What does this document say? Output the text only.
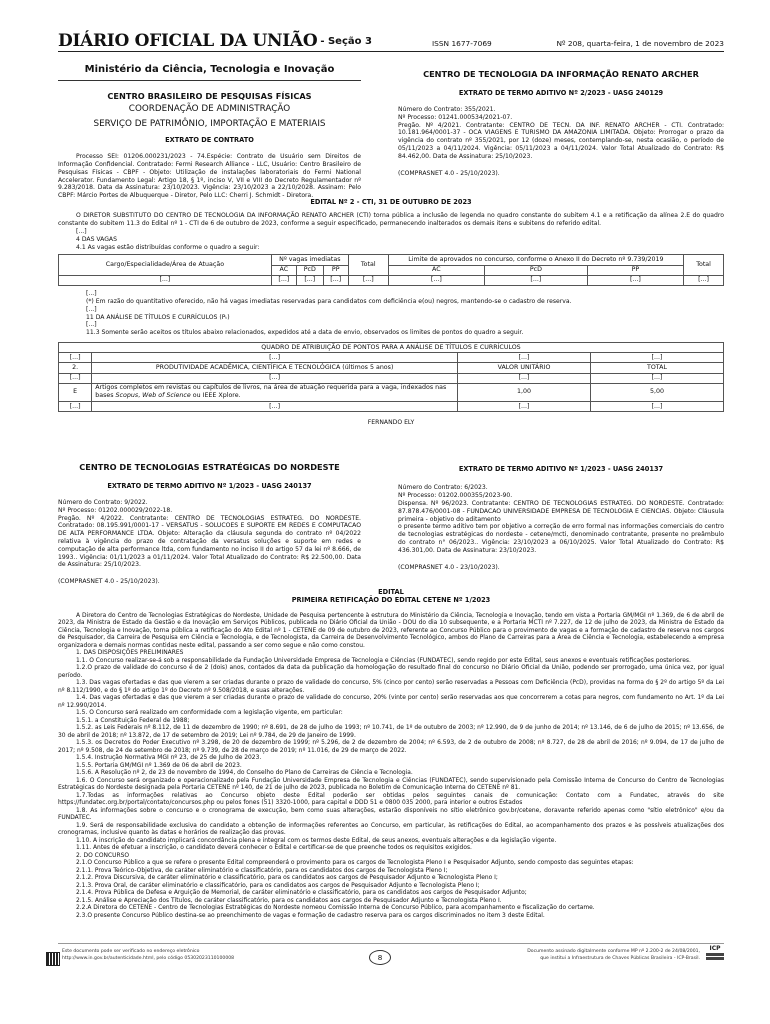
DIÁRIO OFICIAL DA UNIÃO - Seção 3	ISSN 1677-7069	Nº 208, quarta-feira, 1 de novembro de 2023
Ministério da Ciência, Tecnologia e Inovação
CENTRO BRASILEIRO DE PESQUISAS FÍSICAS
COORDENAÇÃO DE ADMINISTRAÇÃO
SERVIÇO DE PATRIMÔNIO, IMPORTAÇÃO E MATERIAIS
EXTRATO DE CONTRATO

Processo SEI: 01206.000231/2023 - 74.Espécie: Contrato de Usuário sem Direitos de Informação Confidencial. Contratado: Fermi Research Alliance - LLC, Usuário: Centro Brasileiro de Pesquisas Físicas - CBPF - Objeto: Utilização de instalações laboratoriais do Fermi National Accelerator. Fundamento Legal: Artigo 18, § 1º, inciso V, VII e VIII do Decreto Regulamentador nº 9.283/2018. Data da Assinatura: 23/10/2023. Vigência: 23/10/2023 a 22/10/2028. Assinam: Pelo CBPF: Márcio Portes de Albuquerque - Diretor, Pelo LLC: Cherri J. Schmidt - Diretora.

CENTRO DE TECNOLOGIA DA INFORMAÇÃO RENATO ARCHER
EXTRATO DE TERMO ADITIVO Nº 2/2023 - UASG 240129

Número do Contrato: 355/2021.

Nº Processo: 01241.000534/2021-07.

Pregão. Nº 4/2021. Contratante: CENTRO DE TECN. DA INF. RENATO ARCHER - CTI. Contratado: 10.181.964/0001-37 - OCA VIAGENS E TURISMO DA AMAZONIA LIMITADA. Objeto: Prorrogar o prazo da vigência do contrato nº 355/2021, por 12 (doze) meses, contemplando-se, nesta ocasião, o período de 05/11/2023 a 04/11/2024. Vigência: 05/11/2023 a 04/11/2024. Valor Total Atualizado do Contrato: R$ 84.462,00. Data de Assinatura: 25/10/2023.

(COMPRASNET 4.0 - 25/10/2023).

EDITAL Nº 2 - CTI, 31 DE OUTUBRO DE 2023

O DIRETOR SUBSTITUTO DO CENTRO DE TECNOLOGIA DA INFORMAÇÃO RENATO ARCHER (CTI) torna pública a inclusão de legenda no quadro constante do subitem 4.1 e a retificação da alínea 2.E do quadro constante do subitem 11.3 do Edital nº 1 - CTI de 6 de outubro de 2023, conforme a seguir especificado, permanecendo inalterados os demais itens e subitens do referido edital.

[...]

4 DAS VAGAS

4.1 As vagas estão distribuídas conforme o quadro a seguir:

Cargo/Especialidade/Área de Atuação	Nº vagas imediatas			Total	Limite de aprovados no concurso, conforme o Anexo II do Decreto nº 9.739/2019			Total
	AC	PcD	PP		AC	PcD	PP	
[...]	[...]	[...]	[...]	[...]	[...]	[...]	[...]	[...]

[...]

(*) Em razão do quantitativo oferecido, não há vagas imediatas reservadas para candidatos com deficiência e(ou) negros, mantendo-se o cadastro de reserva.

[...]

11 DA ANÁLISE DE TÍTULOS E CURRÍCULOS (Pₜ)

[...]

11.3 Somente serão aceitos os títulos abaixo relacionados, expedidos até a data de envio, observados os limites de pontos do quadro a seguir.

QUADRO DE ATRIBUIÇÃO DE PONTOS PARA A ANÁLISE DE TÍTULOS E CURRÍCULOS			
[...]	[...]	[...]	[...]
2.	PRODUTIVIDADE ACADÊMICA, CIENTÍFICA E TECNOLÓGICA (últimos 5 anos)	VALOR UNITÁRIO	TOTAL
[...]	[...]	[...]	[...]
E	Artigos completos em revistas ou capítulos de livros, na área de atuação requerida para a vaga, indexados nas bases Scopus, Web of Science ou IEEE Xplore.	1,00	5,00
[...]	[...]	[...]	[...]

FERNANDO ELY

CENTRO DE TECNOLOGIAS ESTRATÉGICAS DO NORDESTE
EXTRATO DE TERMO ADITIVO Nº 1/2023 - UASG 240137

Número do Contrato: 9/2022.

Nº Processo: 01202.000029/2022-18.

Pregão. Nº 4/2022. Contratante: CENTRO DE TECNOLOGIAS ESTRATEG. DO NORDESTE. Contratado: 08.195.991/0001-17 - VERSATUS - SOLUCOES E SUPORTE EM REDES E COMPUTACAO DE ALTA PERFORMANCE LTDA. Objeto: Alteração da cláusula segunda do contrato nº 04/2022 relativa à vigência do prazo de contratação da versatus soluções e suporte em redes e computação de alta performance ltda, com fundamento no inciso II do artigo 57 da lei nº 8.666, de 1993.. Vigência: 01/11/2023 a 01/11/2024. Valor Total Atualizado do Contrato: R$ 22.500,00. Data de Assinatura: 25/10/2023.

(COMPRASNET 4.0 - 25/10/2023).

EXTRATO DE TERMO ADITIVO Nº 1/2023 - UASG 240137

Número do Contrato: 6/2023.

Nº Processo: 01202.000355/2023-90.

Dispensa. Nº 96/2023. Contratante: CENTRO DE TECNOLOGIAS ESTRATEG. DO NORDESTE. Contratado: 87.878.476/0001-08 - FUNDACAO UNIVERSIDADE EMPRESA DE TECNOLOGIA E CIENCIAS. Objeto: Cláusula primeira - objetivo do aditamento

o presente termo aditivo tem por objetivo a correção de erro formal nas informações comerciais do centro de tecnologias estratégicas do nordeste - cetene/mcti, denominado contratante, presente no preâmbulo do contrato n° 06/2023.. Vigência: 23/10/2023 a 06/10/2025. Valor Total Atualizado do Contrato: R$ 436.301,00. Data de Assinatura: 23/10/2023.

(COMPRASNET 4.0 - 23/10/2023).

EDITAL
PRIMEIRA RETIFICAÇÃO DO EDITAL CETENE Nº 1/2023

A Diretora do Centro de Tecnologias Estratégicas do Nordeste, Unidade de Pesquisa pertencente à estrutura do Ministério da Ciência, Tecnologia e Inovação, tendo em vista a Portaria GM/MGI nº 1.369, de 6 de abril de 2023, da Ministra de Estado da Gestão e da Inovação em Serviços Públicos, publicada no Diário Oficial da União - DOU do dia 10 subsequente, e a Portaria MCTI nº 7.227, de 12 de julho de 2023, da Ministra de Estado da Ciência, Tecnologia e Inovação, torna pública a retificação do Ato Edital nº 1 - CETENE de 09 de outubro de 2023, referente ao Concurso Público para o provimento de vagas e a formação de cadastro de reserva nos cargos de Pesquisador, da Carreira de Pesquisa em Ciência e Tecnologia, e de Tecnologista, da Carreira de Desenvolvimento Tecnológico, ambos do Plano de Carreiras para a Área de Ciência e Tecnologia, estabelecendo a empresa organizadora e demais normas contidas neste edital, passando a ser como segue e não como constou.

1. DAS DISPOSIÇÕES PRELIMINARES

1.1. O Concurso realizar-se-á sob a responsabilidade da Fundação Universidade Empresa de Tecnologia e Ciências (FUNDATEC), sendo regido por este Edital, seus anexos e eventuais retificações posteriores.

1.2.O prazo de validade do concurso é de 2 (dois) anos, contados da data da publicação da homologação do resultado final do concurso no Diário Oficial da União, podendo ser prorrogado, uma única vez, por igual período.

1.3. Das vagas ofertadas e das que vierem a ser criadas durante o prazo de validade do concurso, 5% (cinco por cento) serão reservadas a Pessoas com Deficiência (PcD), providas na forma do § 2º do artigo 5º da Lei nº 8.112/1990, e do § 1º do artigo 1º do Decreto nº 9.508/2018, e suas alterações.

1.4. Das vagas ofertadas e das que vierem a ser criadas durante o prazo de validade do concurso, 20% (vinte por cento) serão reservadas aos que concorrerem a cotas para negros, com fundamento no Art. 1º da Lei nº 12.990/2014.

1.5. O Concurso será realizado em conformidade com a legislação vigente, em particular:

1.5.1. a Constituição Federal de 1988;

1.5.2. as Leis Federais nº 8.112, de 11 de dezembro de 1990; nº 8.691, de 28 de julho de 1993; nº 10.741, de 1º de outubro de 2003; nº 12.990, de 9 de junho de 2014; nº 13.146, de 6 de julho de 2015; nº 13.656, de 30 de abril de 2018; nº 13.872, de 17 de setembro de 2019; Lei nº 9.784, de 29 de Janeiro de 1999.

1.5.3. os Decretos do Poder Executivo nº 3.298, de 20 de dezembro de 1999; nº 5.296, de 2 de dezembro de 2004; nº 6.593, de 2 de outubro de 2008; nº 8.727, de 28 de abril de 2016; nº 9.094, de 17 de julho de 2017; nº 9.508, de 24 de setembro de 2018; nº 9.739, de 28 de março de 2019; nº 11.016, de 29 de março de 2022.

1.5.4. Instrução Normativa MGI nº 23, de 25 de Julho de 2023.

1.5.5. Portaria GM/MGI nº 1.369 de 06 de abril de 2023.

1.5.6. A Resolução nº 2, de 23 de novembro de 1994, do Conselho do Plano de Carreiras de Ciência e Tecnologia.

1.6. O Concurso será organizado e operacionalizado pela Fundação Universidade Empresa de Tecnologia e Ciências (FUNDATEC), sendo supervisionado pela Comissão Interna de Concurso do Centro de Tecnologias Estratégicas do Nordeste designada pela Portaria CETENE nº 140, de 21 de julho de 2023, publicada no Boletim de Comunicação Interna do CETENE nº 81.

1.7.Todas as informações relativas ao Concurso objeto deste Edital poderão ser obtidas pelos seguintes canais de comunicação: Contato com a Fundatec, através do site https://fundatec.org.br/portal/contato/concursos.php ou pelos fones (51) 3320-1000, para capital e DDD 51 e 0800 035 2000, para interior e outros Estados

1.8. As informações sobre o concurso e o cronograma de execução, bem como suas alterações, estarão disponíveis no sítio eletrônico gov.br/cetene, doravante referido apenas como "sítio eletrônico" e/ou da FUNDATEC.

1.9. Será de responsabilidade exclusiva do candidato a obtenção de informações referentes ao Concurso, em particular, às retificações do Edital, ao acompanhamento dos prazos e às possíveis atualizações dos cronogramas, inclusive quanto às datas e horários de realização das provas.

1.10. A inscrição do candidato implicará concordância plena e integral com os termos deste Edital, de seus anexos, eventuais alterações e da legislação vigente.

1.11. Antes de efetuar a inscrição, o candidato deverá conhecer o Edital e certificar-se de que preenche todos os requisitos exigidos.

2. DO CONCURSO

2.1.O Concurso Público a que se refere o presente Edital compreenderá o provimento para os cargos de Tecnologista Pleno I e Pesquisador Adjunto, sendo composto das seguintes etapas:

2.1.1. Prova Teórico-Objetiva, de caráter eliminatório e classificatório, para os candidatos dos cargos de Tecnologista Pleno I;

2.1.2. Prova Discursiva, de caráter eliminatório e classificatório, para os candidatos aos cargos de Pesquisador Adjunto e Tecnologista Pleno I;

2.1.3. Prova Oral, de caráter eliminatório e classificatório, para os candidatos aos cargos de Pesquisador Adjunto e Tecnologista Pleno I;

2.1.4. Prova Pública de Defesa e Arguição de Memorial, de caráter eliminatório e classificatório, para os candidatos aos cargos de Pesquisador Adjunto;

2.1.5. Análise e Apreciação dos Títulos, de caráter classificatório, para os candidatos aos cargos de Pesquisador Adjunto e Tecnologista Pleno I.

2.2.A Diretora do CETENE - Centro de Tecnologias Estratégicas do Nordeste nomeou Comissão Interna de Concurso Público, para acompanhamento e fiscalização do certame.

2.3.O presente Concurso Público destina-se ao preenchimento de vagas e formação de cadastro reserva para os cargos discriminados no item 3 deste Edital.

Este documento pode ser verificado no endereço eletrônico
http://www.in.gov.br/autenticidade.html, pelo código 05302023110100008	8
Documento assinado digitalmente conforme MP nº 2.200-2 de 24/08/2001,
que institui a Infraestrutura de Chaves Públicas Brasileira - ICP-Brasil.
ICP
